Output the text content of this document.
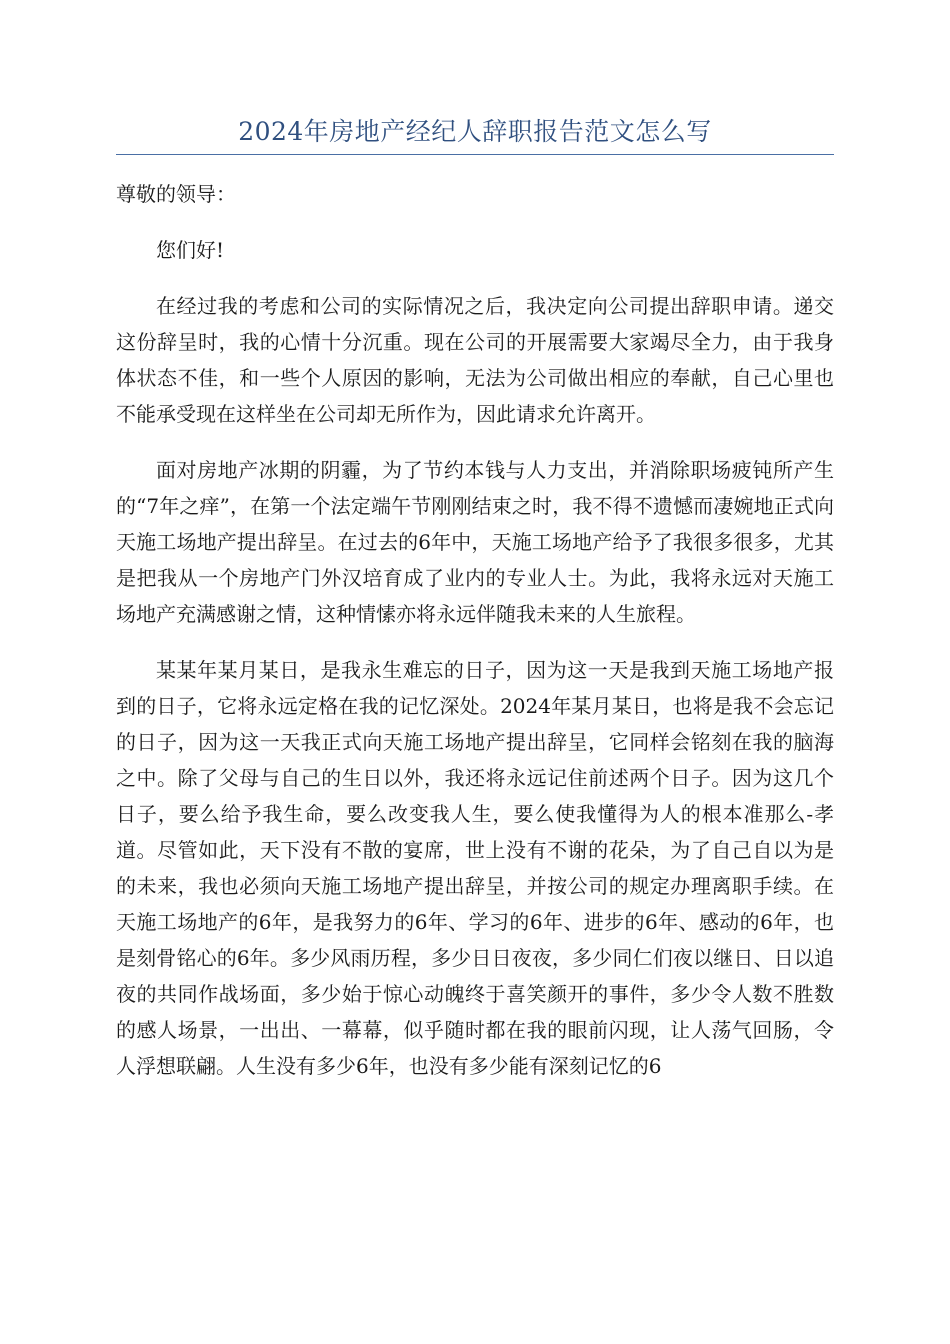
2024年房地产经纪人辞职报告范文怎么写

尊敬的领导：

您们好!

在经过我的考虑和公司的实际情况之后，我决定向公司提出辞职申请。递交这份辞呈时，我的心情十分沉重。现在公司的开展需要大家竭尽全力，由于我身体状态不佳，和一些个人原因的影响，无法为公司做出相应的奉献，自己心里也不能承受现在这样坐在公司却无所作为，因此请求允许离开。

面对房地产冰期的阴霾，为了节约本钱与人力支出，并消除职场疲钝所产生的“7年之痒”，在第一个法定端午节刚刚结束之时，我不得不遗憾而凄婉地正式向天施工场地产提出辞呈。在过去的6年中，天施工场地产给予了我很多很多，尤其是把我从一个房地产门外汉培育成了业内的专业人士。为此，我将永远对天施工场地产充满感谢之情，这种情愫亦将永远伴随我未来的人生旅程。

某某年某月某日，是我永生难忘的日子，因为这一天是我到天施工场地产报到的日子，它将永远定格在我的记忆深处。2024年某月某日，也将是我不会忘记的日子，因为这一天我正式向天施工场地产提出辞呈，它同样会铭刻在我的脑海之中。除了父母与自己的生日以外，我还将永远记住前述两个日子。因为这几个日子，要么给予我生命，要么改变我人生，要么使我懂得为人的根本准那么-孝道。尽管如此，天下没有不散的宴席，世上没有不谢的花朵，为了自己自以为是的未来，我也必须向天施工场地产提出辞呈，并按公司的规定办理离职手续。在天施工场地产的6年，是我努力的6年、学习的6年、进步的6年、感动的6年，也是刻骨铭心的6年。多少风雨历程，多少日日夜夜，多少同仁们夜以继日、日以追夜的共同作战场面，多少始于惊心动魄终于喜笑颜开的事件，多少令人数不胜数的感人场景，一出出、一幕幕，似乎随时都在我的眼前闪现，让人荡气回肠，令人浮想联翩。人生没有多少6年，也没有多少能有深刻记忆的6
